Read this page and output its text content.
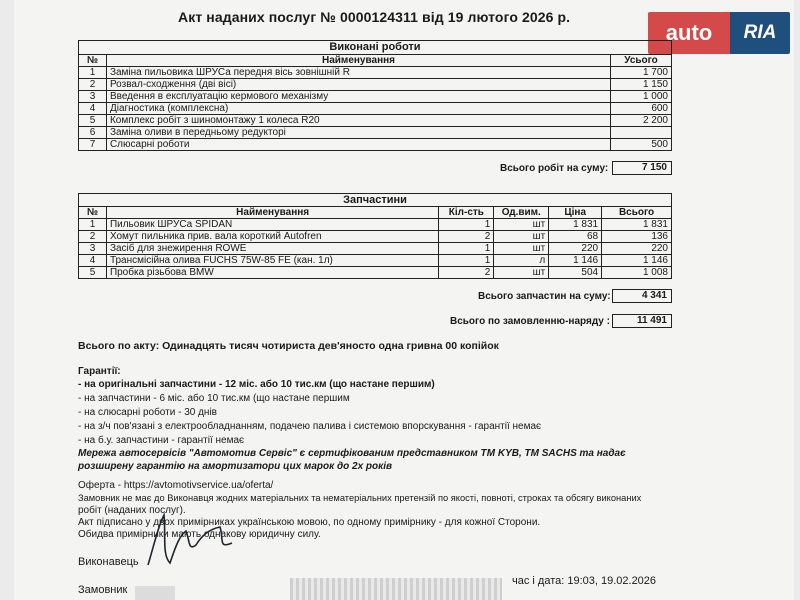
Акт наданих послуг № 0000124311 від 19 лютого 2026 р.
auto	RIA
Виконані роботи
№	Найменування	Усього
1	Заміна пильовика ШРУСа передня вісь зовнішній R	1 700
2	Розвал-сходження (дві вісі)	1 150
3	Введення в експлуатацію кермового механізму	1 000
4	Діагностика (комплексна)	600
5	Комплекс робіт з шиномонтажу 1 колеса R20	2 200
6	Заміна оливи в передньому редукторі	
7	Слюсарні роботи	500
Всього робіт на суму:	7 150
Запчастини
№	Найменування	Кіл-сть	Од.вим.	Ціна	Всього
1	Пильовик ШРУСа SPIDAN	1	шт	1 831	1 831
2	Хомут пильника прив. вала короткий Autofren	2	шт	68	136
3	Засіб для знежирення ROWE	1	шт	220	220
4	Трансмісійна олива FUCHS 75W-85 FE (кан. 1л)	1	л	1 146	1 146
5	Пробка різьбова BMW	2	шт	504	1 008
Всього запчастин на суму:	4 341
Всього по замовленню-наряду :	11 491
Всього по акту: Одинадцять тисяч чотириста дев'яносто одна гривна 00 копійок
Гарантії:
- на оригінальні запчастини - 12 міс. або 10 тис.км (що настане першим)
- на запчастини - 6 міс. або 10 тис.км (що настане першим
- на слюсарні роботи - 30 днів
- на з/ч пов'язані з електрообладнанням, подачею палива і системою впорскування - гарантії немає
- на б.у. запчастини - гарантії немає
Мережа автосервісів "Автомотив Сервіс" є сертифікованим представником ТМ KYB, TM SACHS та надає
розширену гарантію на амортизатори цих марок до 2х років
Оферта - https://avtomotivservice.ua/oferta/
Замовник не має до Виконавця жодних матеріальних та нематеріальних претензій по якості, повноті, строках та обсягу виконаних
робіт (наданих послуг).
Акт підписано у двох примірниках українською мовою, по одному примірнику - для кожної Сторони.
Обидва примірники мають однакову юридичну силу.
Виконавець
Замовник
час і дата: 19:03, 19.02.2026
